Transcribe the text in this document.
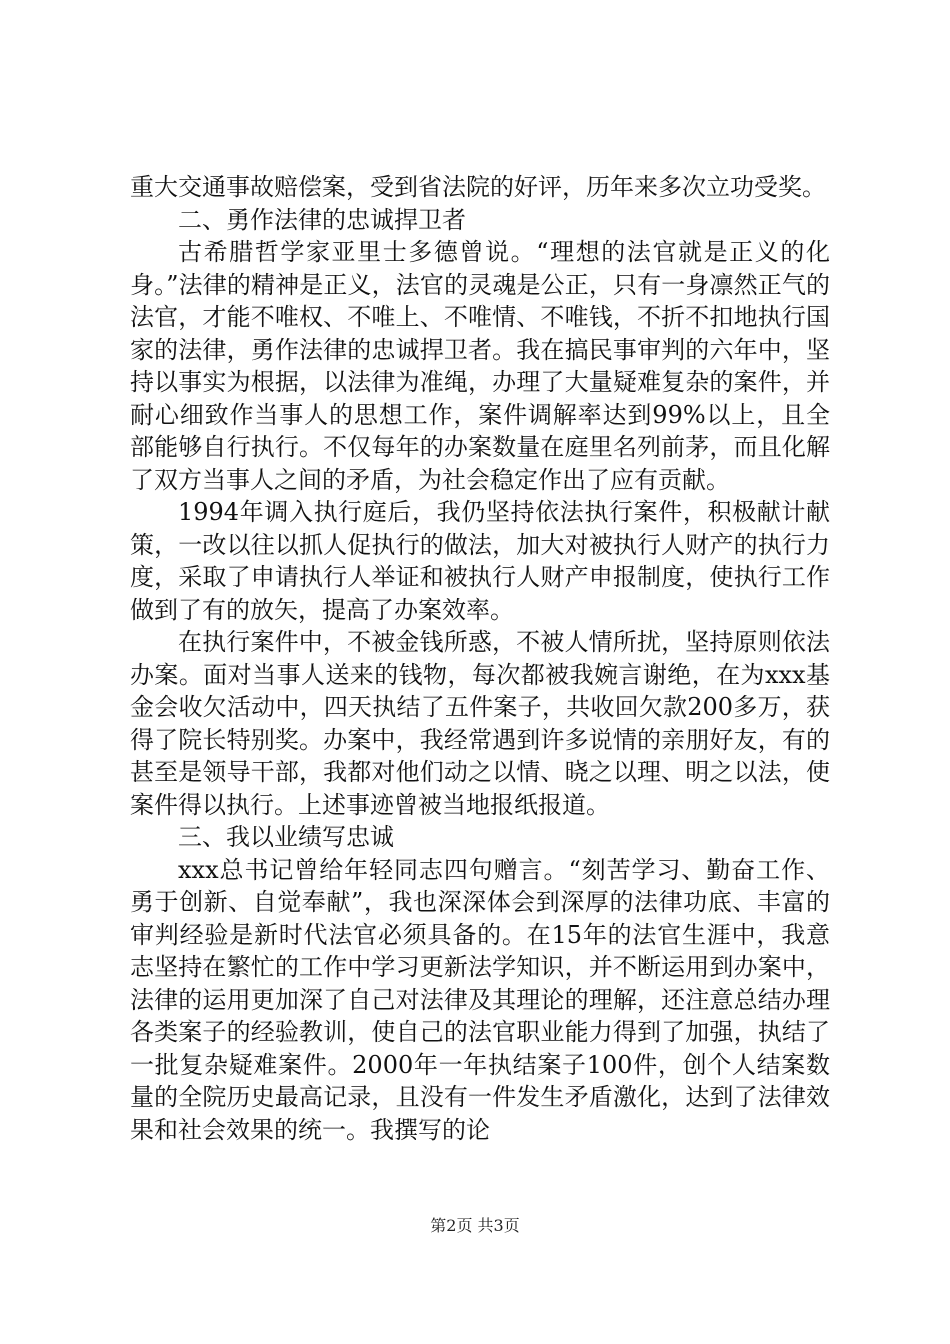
重大交通事故赔偿案，受到省法院的好评，历年来多次立功受奖。

二、勇作法律的忠诚捍卫者

古希腊哲学家亚里士多德曾说。“理想的法官就是正义的化身。”法律的精神是正义，法官的灵魂是公正，只有一身凛然正气的法官，才能不唯权、不唯上、不唯情、不唯钱，不折不扣地执行国家的法律，勇作法律的忠诚捍卫者。我在搞民事审判的六年中，坚持以事实为根据，以法律为准绳，办理了大量疑难复杂的案件，并耐心细致作当事人的思想工作，案件调解率达到99%以上，且全部能够自行执行。不仅每年的办案数量在庭里名列前茅，而且化解了双方当事人之间的矛盾，为社会稳定作出了应有贡献。

1994年调入执行庭后，我仍坚持依法执行案件，积极献计献策，一改以往以抓人促执行的做法，加大对被执行人财产的执行力度，采取了申请执行人举证和被执行人财产申报制度，使执行工作做到了有的放矢，提高了办案效率。

在执行案件中，不被金钱所惑，不被人情所扰，坚持原则依法办案。面对当事人送来的钱物，每次都被我婉言谢绝，在为xxx基金会收欠活动中，四天执结了五件案子，共收回欠款200多万，获得了院长特别奖。办案中，我经常遇到许多说情的亲朋好友，有的甚至是领导干部，我都对他们动之以情、晓之以理、明之以法，使案件得以执行。上述事迹曾被当地报纸报道。

三、我以业绩写忠诚

xxx总书记曾给年轻同志四句赠言。“刻苦学习、勤奋工作、勇于创新、自觉奉献”，我也深深体会到深厚的法律功底、丰富的审判经验是新时代法官必须具备的。在15年的法官生涯中，我意志坚持在繁忙的工作中学习更新法学知识，并不断运用到办案中，法律的运用更加深了自己对法律及其理论的理解，还注意总结办理各类案子的经验教训，使自己的法官职业能力得到了加强，执结了一批复杂疑难案件。2000年一年执结案子100件，创个人结案数量的全院历史最高记录，且没有一件发生矛盾激化，达到了法律效果和社会效果的统一。我撰写的论

第2页 共3页
